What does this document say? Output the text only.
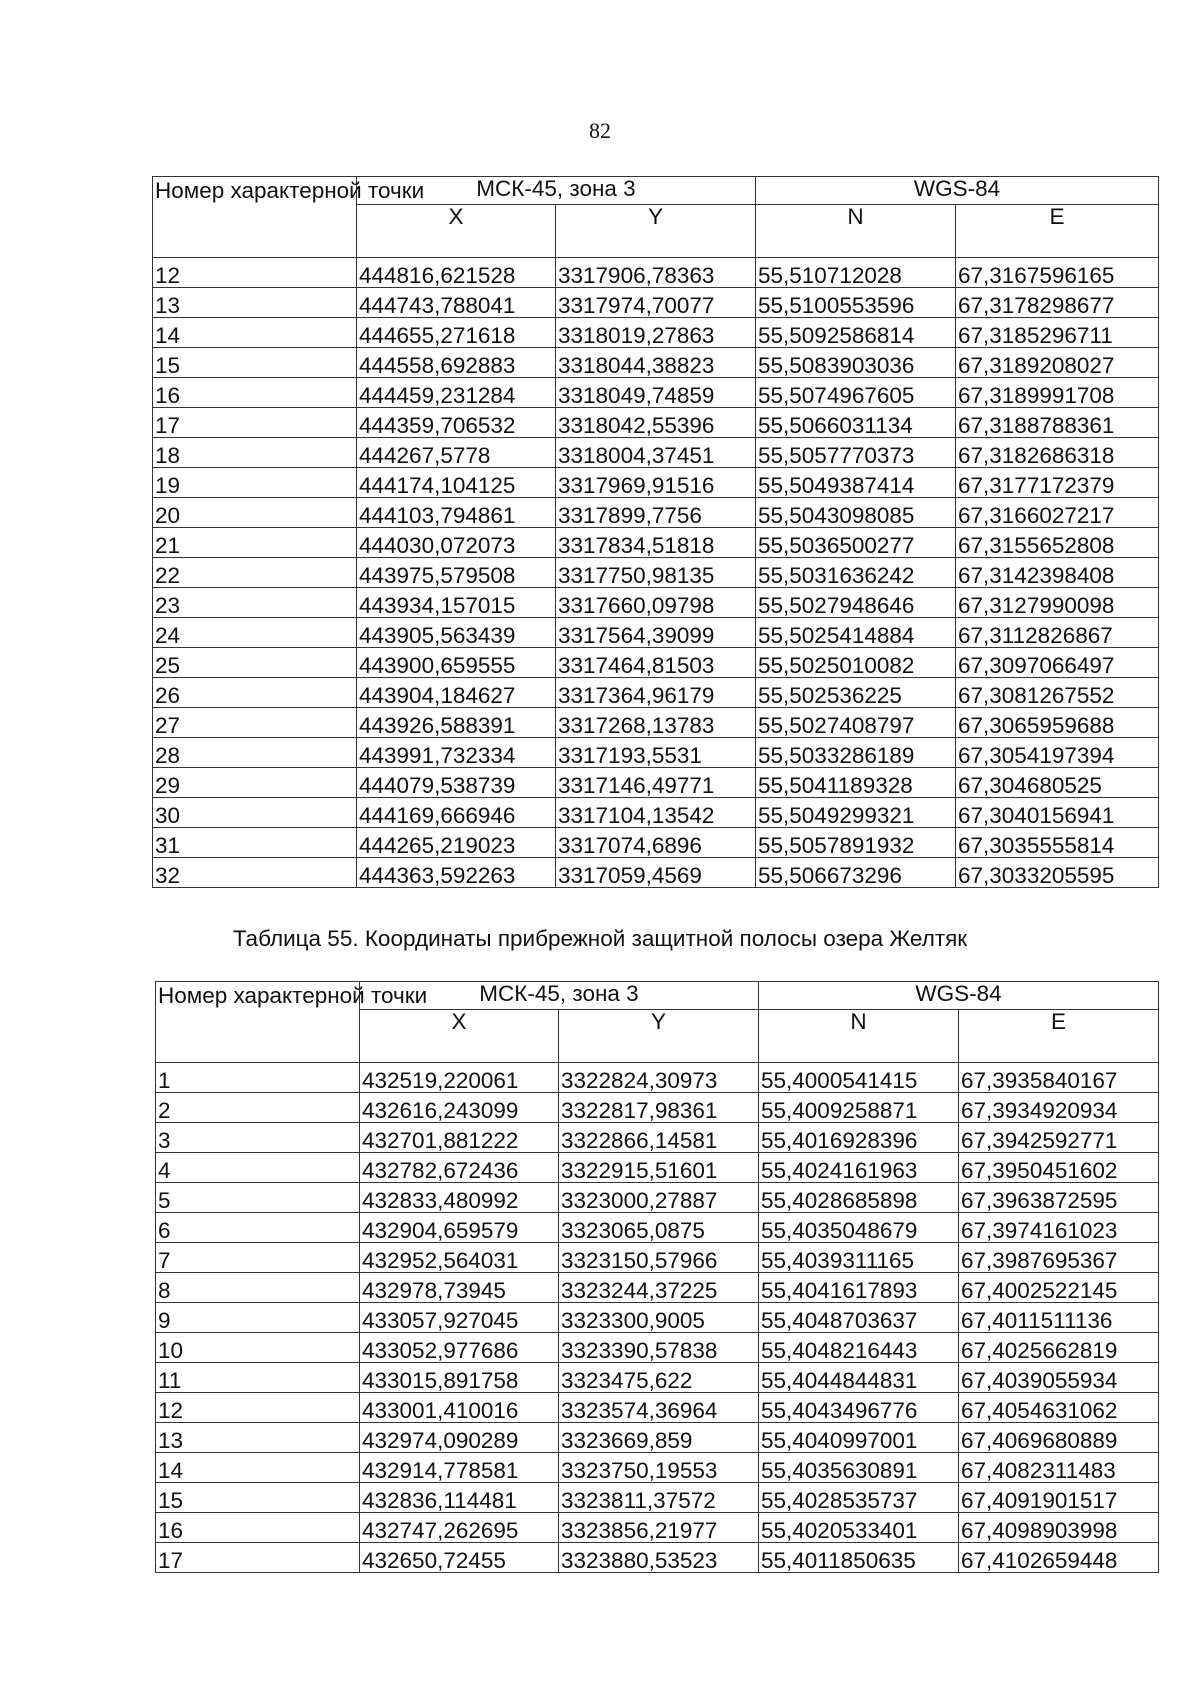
82
Номер характерной точки	МСК-45, зона 3		WGS-84	
	X	Y	N	E
12	444816,621528	3317906,78363	55,510712028	67,3167596165
13	444743,788041	3317974,70077	55,5100553596	67,3178298677
14	444655,271618	3318019,27863	55,5092586814	67,3185296711
15	444558,692883	3318044,38823	55,5083903036	67,3189208027
16	444459,231284	3318049,74859	55,5074967605	67,3189991708
17	444359,706532	3318042,55396	55,5066031134	67,3188788361
18	444267,5778	3318004,37451	55,5057770373	67,3182686318
19	444174,104125	3317969,91516	55,5049387414	67,3177172379
20	444103,794861	3317899,7756	55,5043098085	67,3166027217
21	444030,072073	3317834,51818	55,5036500277	67,3155652808
22	443975,579508	3317750,98135	55,5031636242	67,3142398408
23	443934,157015	3317660,09798	55,5027948646	67,3127990098
24	443905,563439	3317564,39099	55,5025414884	67,3112826867
25	443900,659555	3317464,81503	55,5025010082	67,3097066497
26	443904,184627	3317364,96179	55,502536225	67,3081267552
27	443926,588391	3317268,13783	55,5027408797	67,3065959688
28	443991,732334	3317193,5531	55,5033286189	67,3054197394
29	444079,538739	3317146,49771	55,5041189328	67,304680525
30	444169,666946	3317104,13542	55,5049299321	67,3040156941
31	444265,219023	3317074,6896	55,5057891932	67,3035555814
32	444363,592263	3317059,4569	55,506673296	67,3033205595
Таблица 55. Координаты прибрежной защитной полосы озера Желтяк
Номер характерной точки	МСК-45, зона 3		WGS-84	
	X	Y	N	E
1	432519,220061	3322824,30973	55,4000541415	67,3935840167
2	432616,243099	3322817,98361	55,4009258871	67,3934920934
3	432701,881222	3322866,14581	55,4016928396	67,3942592771
4	432782,672436	3322915,51601	55,4024161963	67,3950451602
5	432833,480992	3323000,27887	55,4028685898	67,3963872595
6	432904,659579	3323065,0875	55,4035048679	67,3974161023
7	432952,564031	3323150,57966	55,4039311165	67,3987695367
8	432978,73945	3323244,37225	55,4041617893	67,4002522145
9	433057,927045	3323300,9005	55,4048703637	67,4011511136
10	433052,977686	3323390,57838	55,4048216443	67,4025662819
11	433015,891758	3323475,622	55,4044844831	67,4039055934
12	433001,410016	3323574,36964	55,4043496776	67,4054631062
13	432974,090289	3323669,859	55,4040997001	67,4069680889
14	432914,778581	3323750,19553	55,4035630891	67,4082311483
15	432836,114481	3323811,37572	55,4028535737	67,4091901517
16	432747,262695	3323856,21977	55,4020533401	67,4098903998
17	432650,72455	3323880,53523	55,4011850635	67,4102659448
